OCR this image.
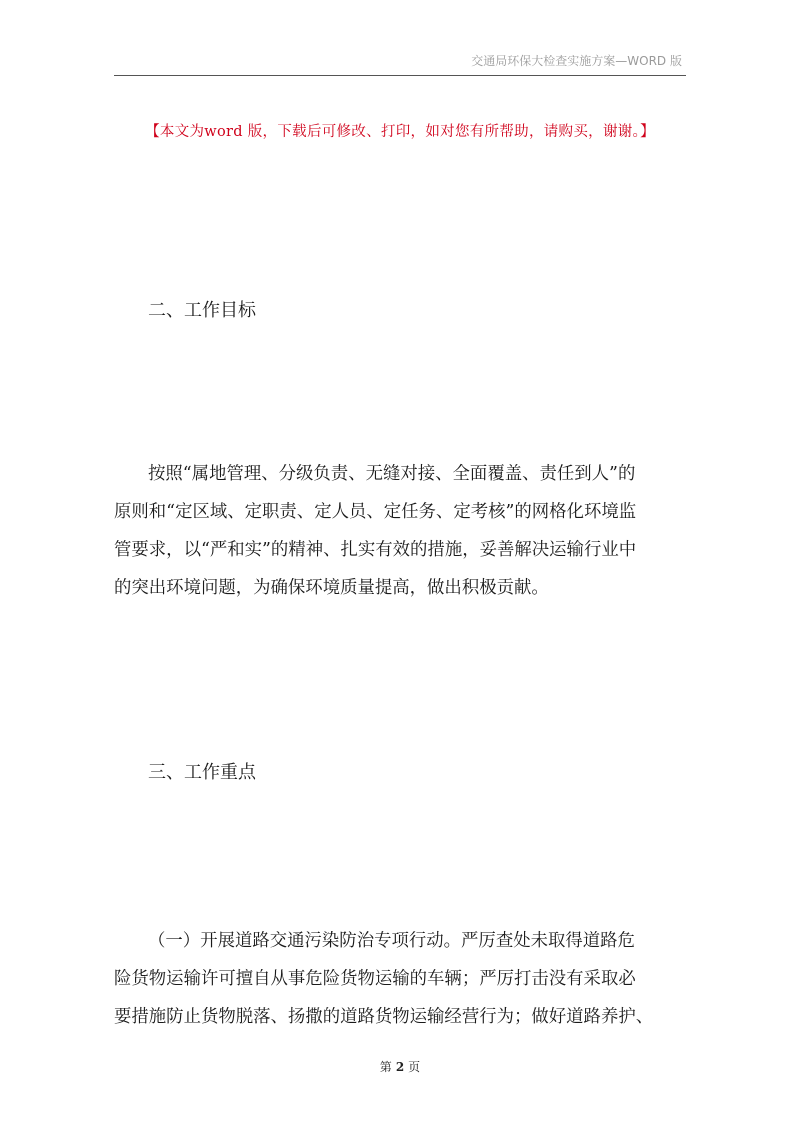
交通局环保大检查实施方案—WORD 版
【本文为word 版，下载后可修改、打印，如对您有所帮助，请购买，谢谢。】
二、工作目标
按照“属地管理、分级负责、无缝对接、全面覆盖、责任到人”的
原则和“定区域、定职责、定人员、定任务、定考核”的网格化环境监
管要求，以“严和实”的精神、扎实有效的措施，妥善解决运输行业中
的突出环境问题，为确保环境质量提高，做出积极贡献。
三、工作重点
（一）开展道路交通污染防治专项行动。严厉查处未取得道路危
险货物运输许可擅自从事危险货物运输的车辆；严厉打击没有采取必
要措施防止货物脱落、扬撒的道路货物运输经营行为；做好道路养护、
第 2 页
